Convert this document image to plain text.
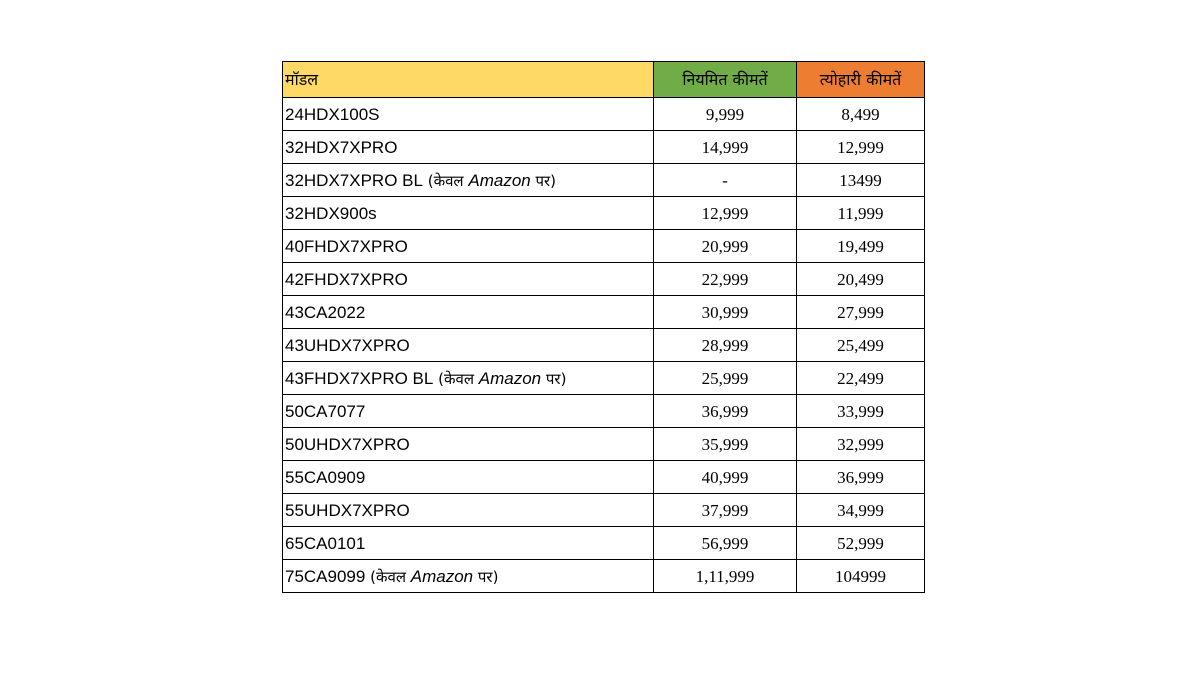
मॉडल	नियमित कीमतें	त्योहारी कीमतें
24HDX100S	9,999	8,499
32HDX7XPRO	14,999	12,999
32HDX7XPRO BL (केवल Amazon पर)	-	13499
32HDX900s	12,999	11,999
40FHDX7XPRO	20,999	19,499
42FHDX7XPRO	22,999	20,499
43CA2022	30,999	27,999
43UHDX7XPRO	28,999	25,499
43FHDX7XPRO BL (केवल Amazon पर)	25,999	22,499
50CA7077	36,999	33,999
50UHDX7XPRO	35,999	32,999
55CA0909	40,999	36,999
55UHDX7XPRO	37,999	34,999
65CA0101	56,999	52,999
75CA9099 (केवल Amazon पर)	1,11,999	104999
